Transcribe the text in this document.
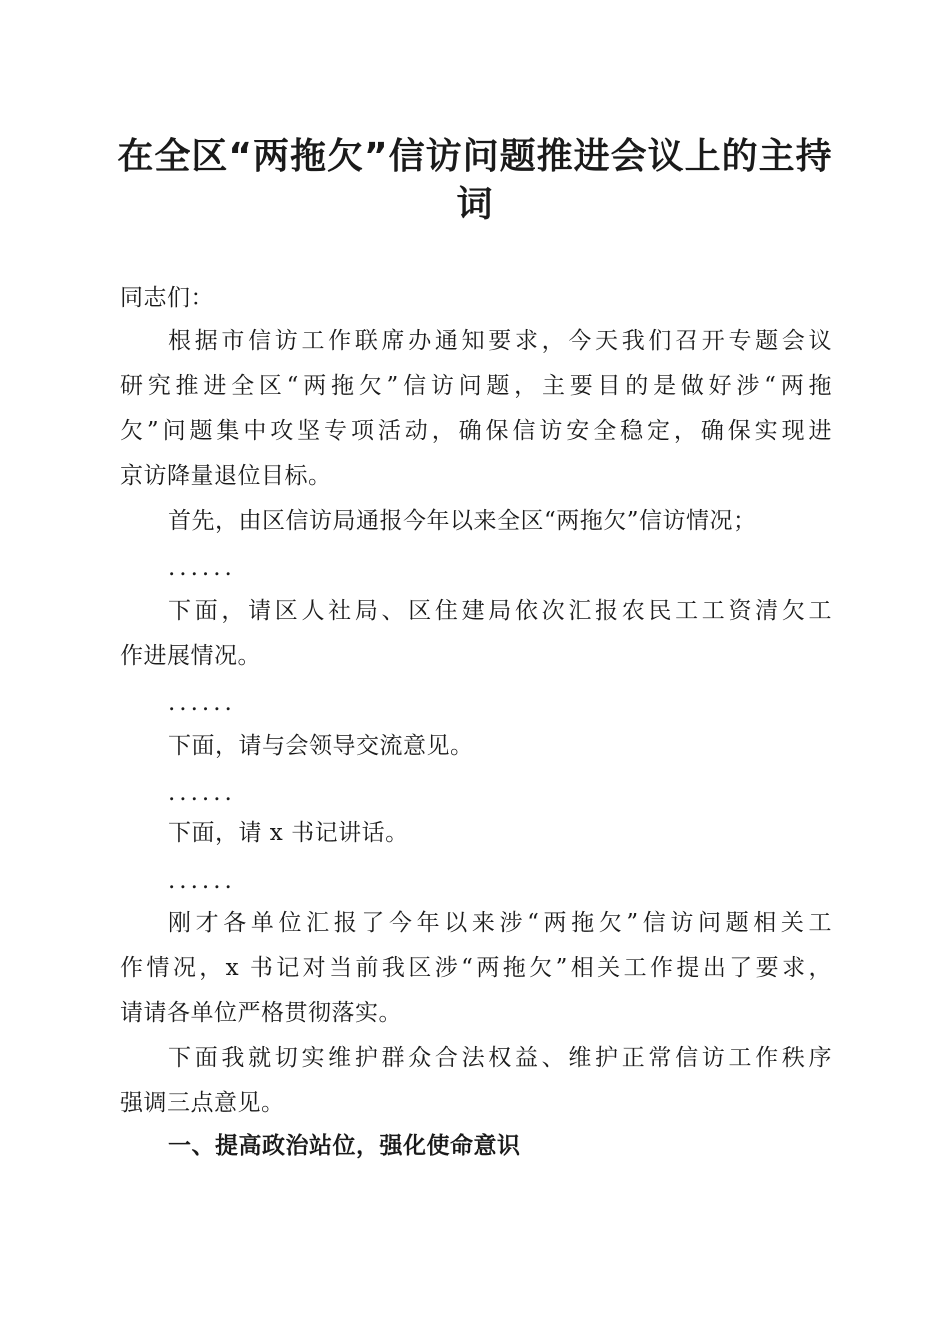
在全区“两拖欠”信访问题推进会议上的主持词
同志们：
根据市信访工作联席办通知要求，今天我们召开专题会议
研究推进全区“两拖欠”信访问题，主要目的是做好涉“两拖
欠”问题集中攻坚专项活动，确保信访安全稳定，确保实现进
京访降量退位目标。
首先，由区信访局通报今年以来全区“两拖欠”信访情况；
......
下面，请区人社局、区住建局依次汇报农民工工资清欠工
作进展情况。
......
下面，请与会领导交流意见。
......
下面，请 x 书记讲话。
......
刚才各单位汇报了今年以来涉“两拖欠”信访问题相关工
作情况，x 书记对当前我区涉“两拖欠”相关工作提出了要求，
请请各单位严格贯彻落实。
下面我就切实维护群众合法权益、维护正常信访工作秩序
强调三点意见。
一、提高政治站位，强化使命意识
